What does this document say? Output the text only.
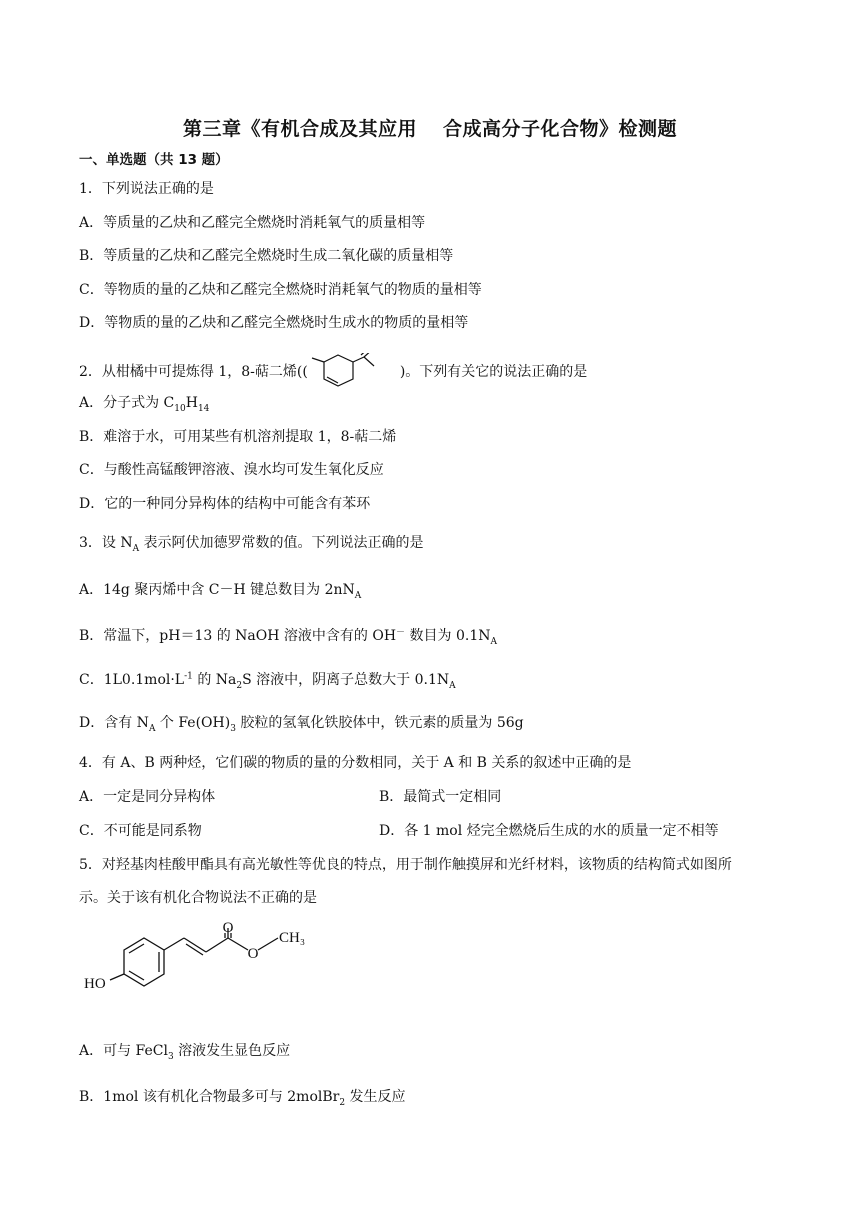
第三章《有机合成及其应用 合成高分子化合物》检测题
一、单选题（共 13 题）
1．下列说法正确的是
A．等质量的乙炔和乙醛完全燃烧时消耗氧气的质量相等
B．等质量的乙炔和乙醛完全燃烧时生成二氧化碳的质量相等
C．等物质的量的乙炔和乙醛完全燃烧时消耗氧气的物质的量相等
D．等物质的量的乙炔和乙醛完全燃烧时生成水的物质的量相等
2．从柑橘中可提炼得 1，8-萜二烯((	)。下列有关它的说法正确的是
A．分子式为 $C_{10}H_{14}$
B．难溶于水，可用某些有机溶剂提取 1，8-萜二烯
C．与酸性高锰酸钾溶液、溴水均可发生氧化反应
D．它的一种同分异构体的结构中可能含有苯环
3．设 $N_A$ 表示阿伏加德罗常数的值。下列说法正确的是
A．14g 聚丙烯中含 C－H 键总数目为 $2nN_A$
B．常温下，pH＝13 的 NaOH 溶液中含有的 OH－ 数目为 $0.1N_A$
C．$1L0.1mol\cdot L^{-1}$ 的 $Na_2S$ 溶液中，阴离子总数大于 $0.1N_A$
D．含有 $N_A$ 个 $Fe(OH)_3$ 胶粒的氢氧化铁胶体中，铁元素的质量为 56g
4．有 A、B 两种烃，它们碳的物质的量的分数相同，关于 A 和 B 关系的叙述中正确的是
A．一定是同分异构体	B．最简式一定相同
C．不可能是同系物	D．各 1 mol 烃完全燃烧后生成的水的质量一定不相等
5．对羟基肉桂酸甲酯具有高光敏性等优良的特点，用于制作触摸屏和光纤材料，该物质的结构简式如图所
示。关于该有机化合物说法不正确的是
O
O
CH₃
HO
A．可与 FeCl$_3$ 溶液发生显色反应
B．1mol 该有机化合物最多可与 2molBr$_2$ 发生反应
